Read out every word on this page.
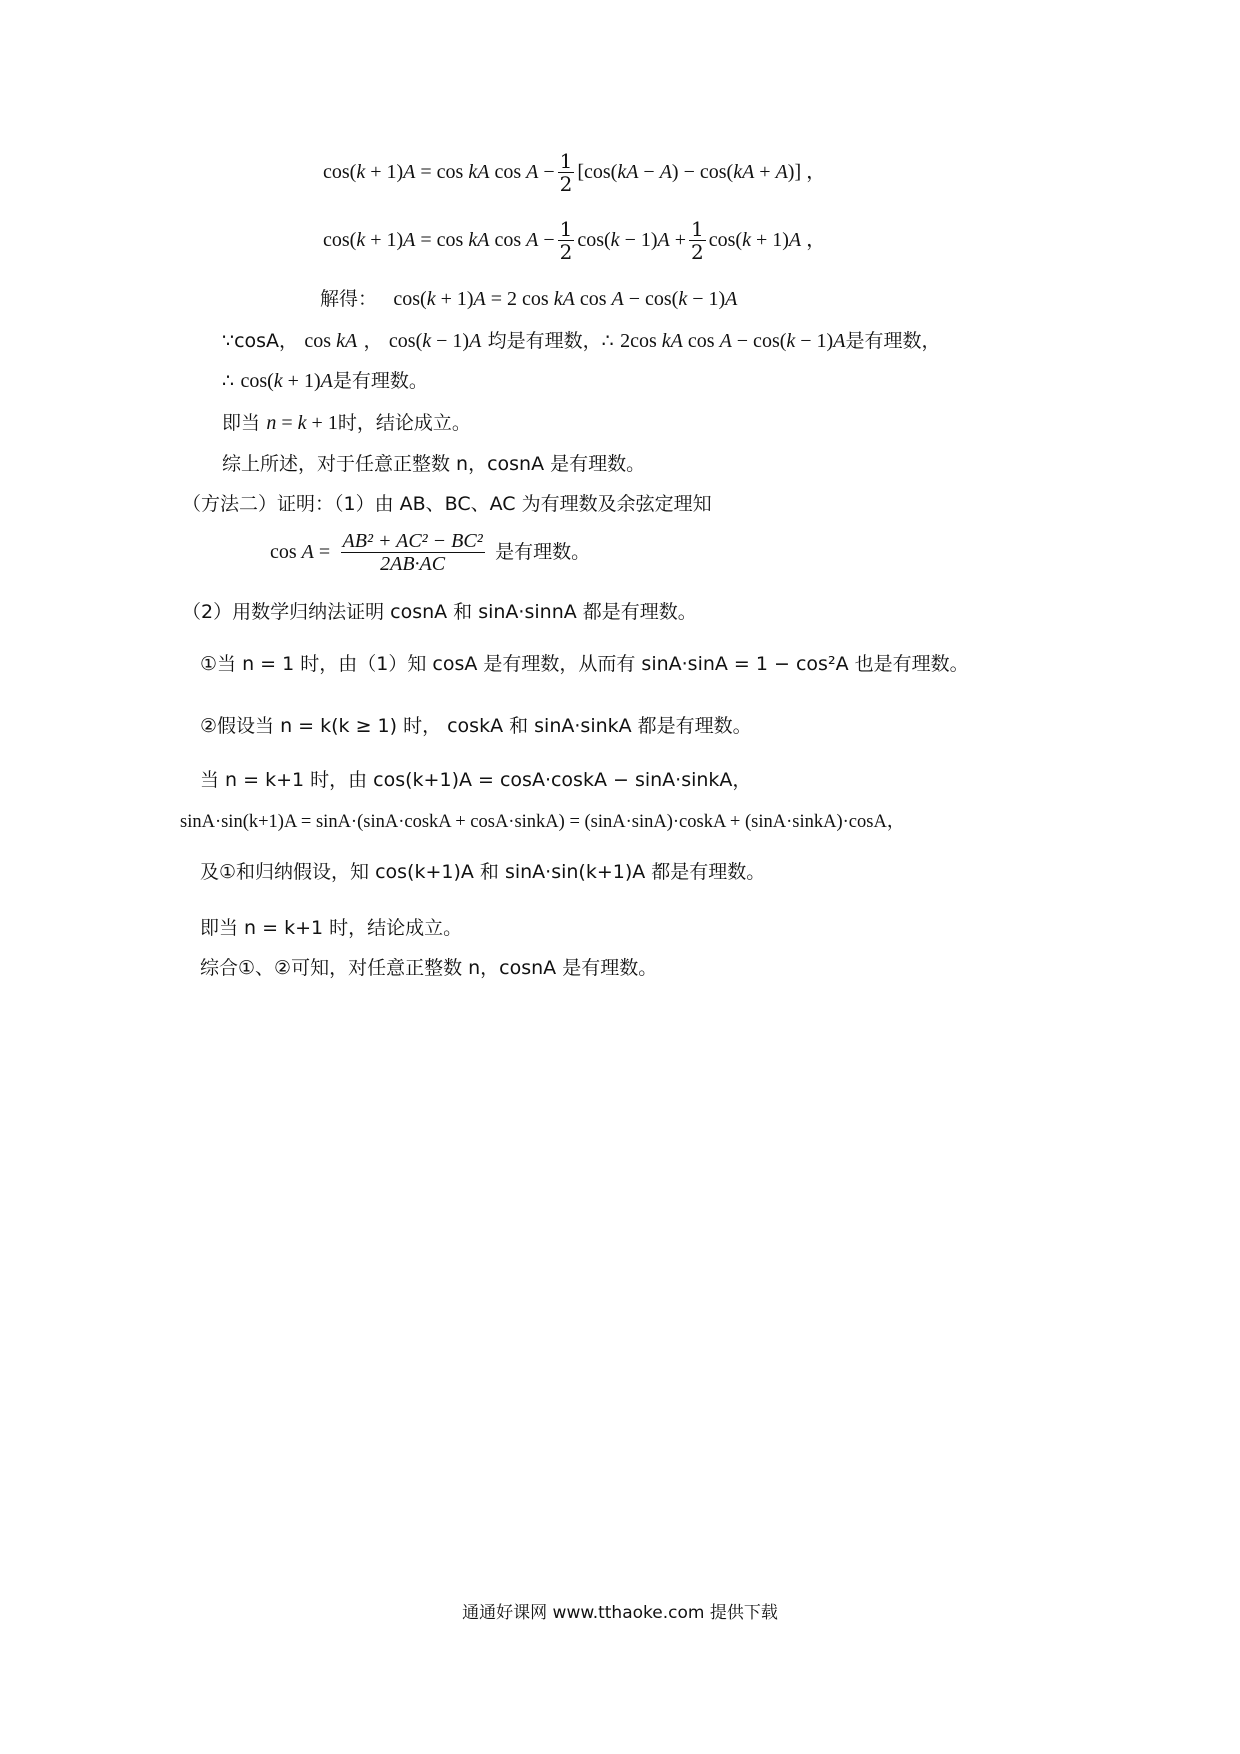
cos(k + 1)A = cos kA $\cos A - \frac{1}{2} [\cos(kA - A) - \cos(kA + A)]$ ，
cos(k + 1)A = cos kA $\cos A - \frac{1}{2} \cos(k - 1)A + \frac{1}{2} \cos(k + 1)A$ ，
解得： cos(k + 1)A = 2 cos kA cos A − cos(k − 1)A
∵cosA， cos kA ， cos(k − 1)A 均是有理数，∴ 2cos kA cos A − cos(k − 1)A是有理数，
∴ cos(k + 1)A是有理数。
即当 n = k + 1时，结论成立。
综上所述，对于任意正整数 n，cosnA 是有理数。
（方法二）证明：（1）由 AB、BC、AC 为有理数及余弦定理知
$\cos A = \frac{\text{AB² + AC² − BC²}}{2AB\cdot AC}$ 是有理数。
（2）用数学归纳法证明 cosnA 和 sinA·sinnA 都是有理数。
①当 n = 1 时，由（1）知 cosA 是有理数，从而有 sinA·sinA = 1 − cos²A 也是有理数。
②假设当 n = k(k ≥ 1) 时， coskA 和 sinA·sinkA 都是有理数。
当 n = k+1 时，由 cos(k+1)A = cosA·coskA − sinA·sinkA，
sinA·sin(k+1)A = sinA·(sinA·coskA + cosA·sinkA) = (sinA·sinA)·coskA + (sinA·sinkA)·cosA，
及①和归纳假设，知 cos(k+1)A 和 sinA·sin(k+1)A 都是有理数。
即当 n = k+1 时，结论成立。
综合①、②可知，对任意正整数 n，cosnA 是有理数。
通通好课网 www.tthaoke.com 提供下载
